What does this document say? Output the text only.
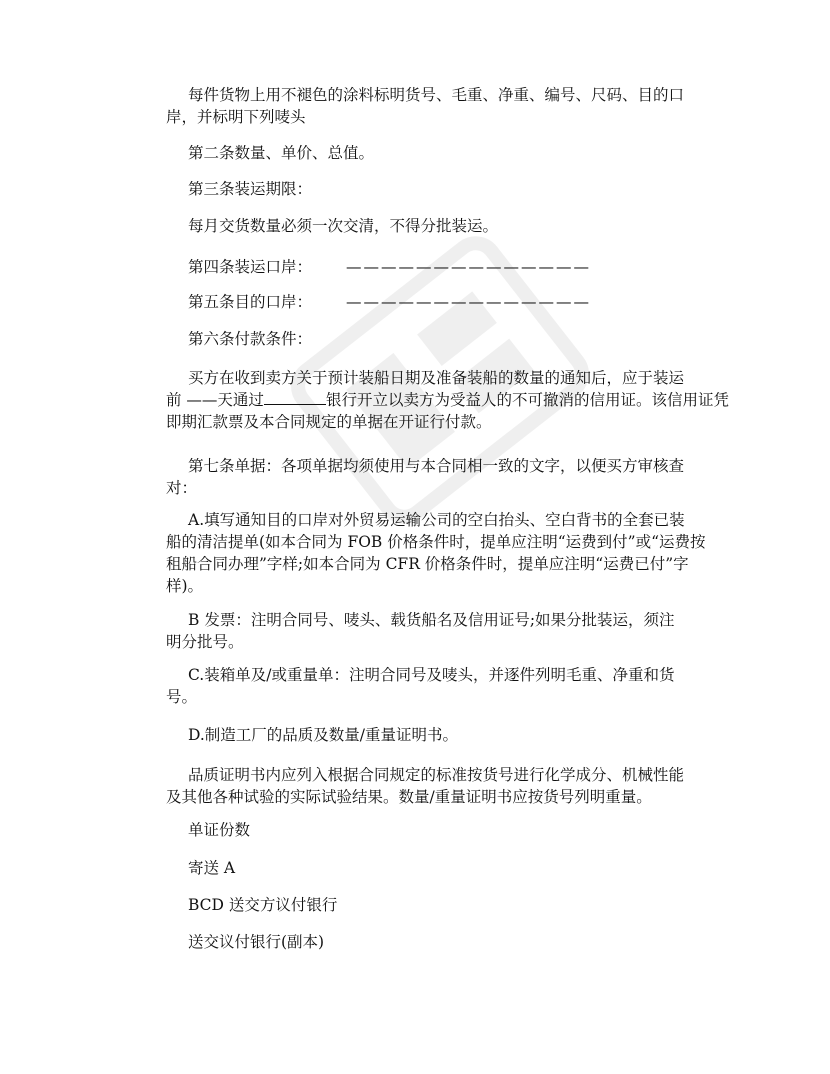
每件货物上用不褪色的涂料标明货号、毛重、净重、编号、尺码、目的口
岸，并标明下列唛头
第二条数量、单价、总值。
第三条装运期限：
每月交货数量必须一次交清，不得分批装运。
第四条装运口岸： ——————————————
第五条目的口岸： ——————————————
第六条付款条件：
买方在收到卖方关于预计装船日期及准备装船的数量的通知后，应于装运
前 ——天通过	银行开立以卖方为受益人的不可撤消的信用证。该信用证凭
即期汇款票及本合同规定的单据在开证行付款。
第七条单据：各项单据均须使用与本合同相一致的文字，以便买方审核查
对：
A.填写通知目的口岸对外贸易运输公司的空白抬头、空白背书的全套已装
船的清洁提单(如本合同为 FOB 价格条件时，提单应注明“运费到付”或“运费按
租船合同办理”字样;如本合同为 CFR 价格条件时，提单应注明“运费已付”字
样)。
B 发票：注明合同号、唛头、载货船名及信用证号;如果分批装运，须注
明分批号。
C.装箱单及/或重量单：注明合同号及唛头，并逐件列明毛重、净重和货
号。
D.制造工厂的品质及数量/重量证明书。
品质证明书内应列入根据合同规定的标准按货号进行化学成分、机械性能
及其他各种试验的实际试验结果。数量/重量证明书应按货号列明重量。
单证份数
寄送 A
BCD 送交方议付银行
送交议付银行(副本)
